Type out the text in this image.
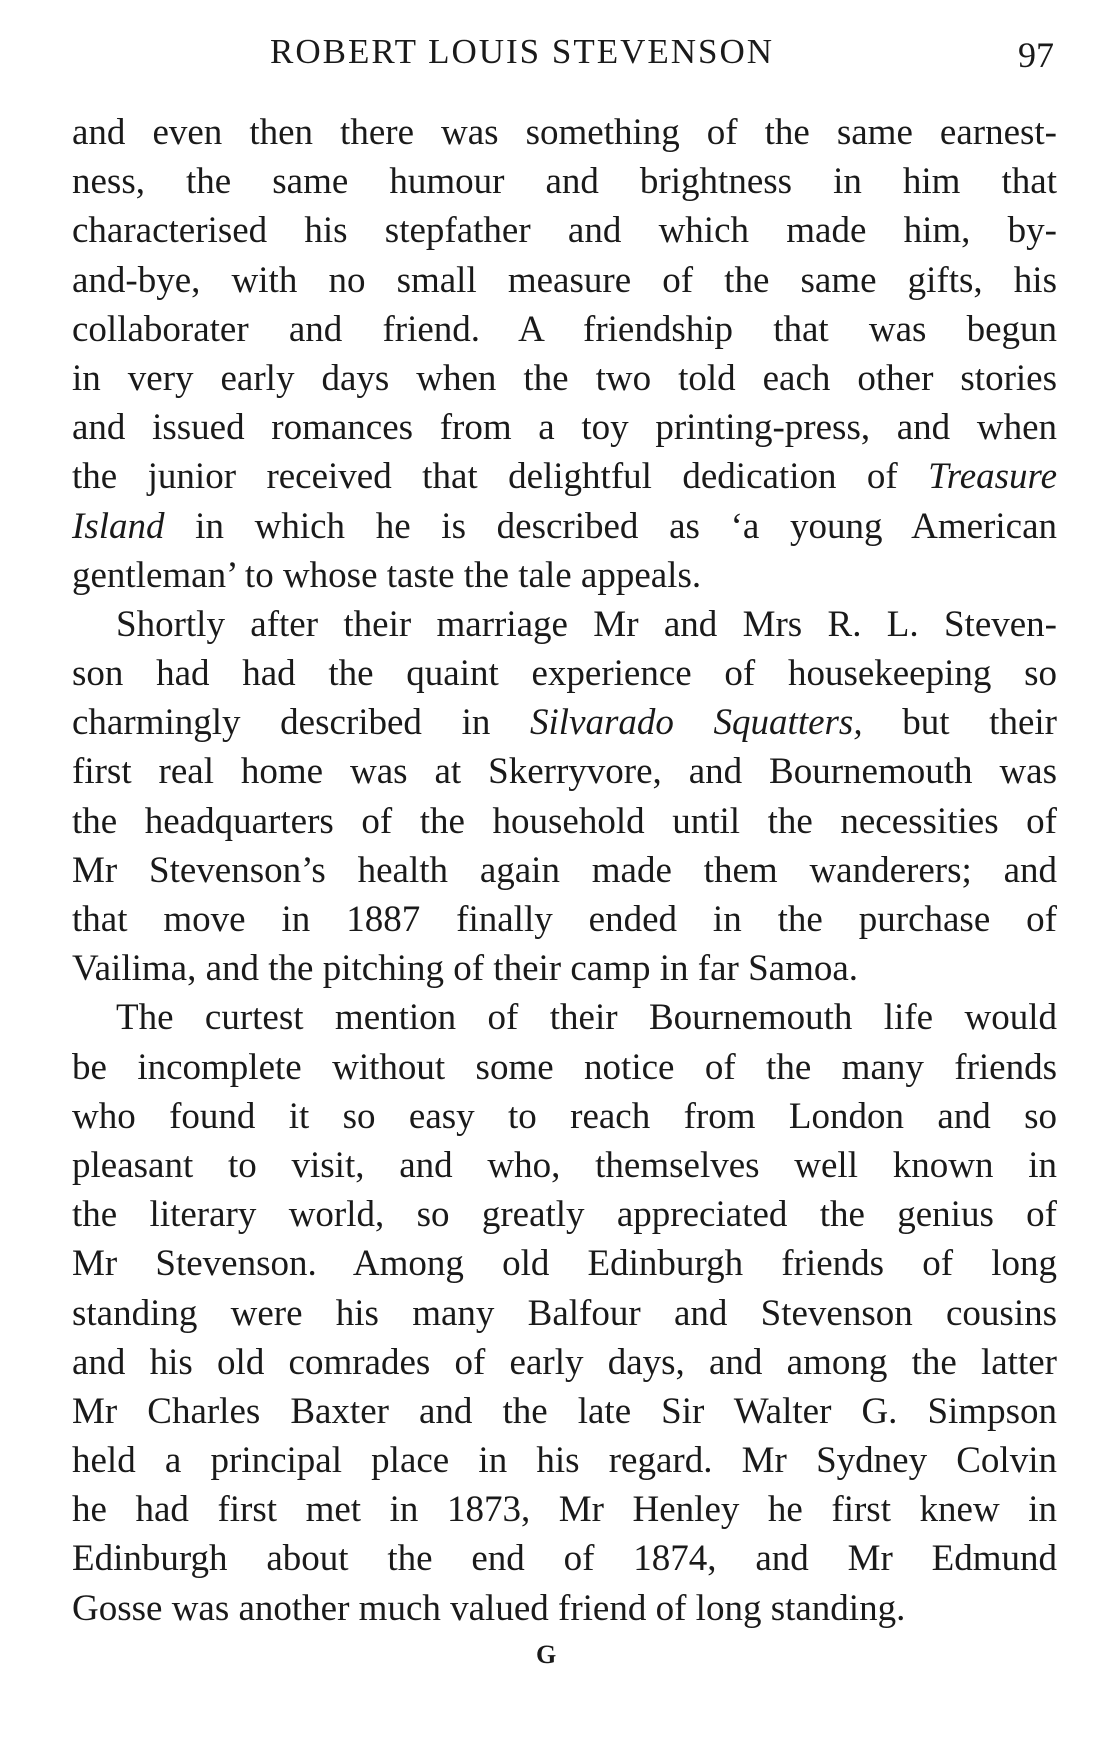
ROBERT LOUIS STEVENSON	97
and even then there was something of the same earnest-
ness, the same humour and brightness in him that
characterised his stepfather and which made him, by-
and-bye, with no small measure of the same gifts, his
collaborater and friend. A friendship that was begun
in very early days when the two told each other stories
and issued romances from a toy printing-press, and when
the junior received that delightful dedication of Treasure
Island in which he is described as ‘a young American
gentleman’ to whose taste the tale appeals.
Shortly after their marriage Mr and Mrs R. L. Steven-
son had had the quaint experience of housekeeping so
charmingly described in Silvarado Squatters, but their
first real home was at Skerryvore, and Bournemouth was
the headquarters of the household until the necessities of
Mr Stevenson’s health again made them wanderers; and
that move in 1887 finally ended in the purchase of
Vailima, and the pitching of their camp in far Samoa.
The curtest mention of their Bournemouth life would
be incomplete without some notice of the many friends
who found it so easy to reach from London and so
pleasant to visit, and who, themselves well known in
the literary world, so greatly appreciated the genius of
Mr Stevenson. Among old Edinburgh friends of long
standing were his many Balfour and Stevenson cousins
and his old comrades of early days, and among the latter
Mr Charles Baxter and the late Sir Walter G. Simpson
held a principal place in his regard. Mr Sydney Colvin
he had first met in 1873, Mr Henley he first knew in
Edinburgh about the end of 1874, and Mr Edmund
Gosse was another much valued friend of long standing.
G
